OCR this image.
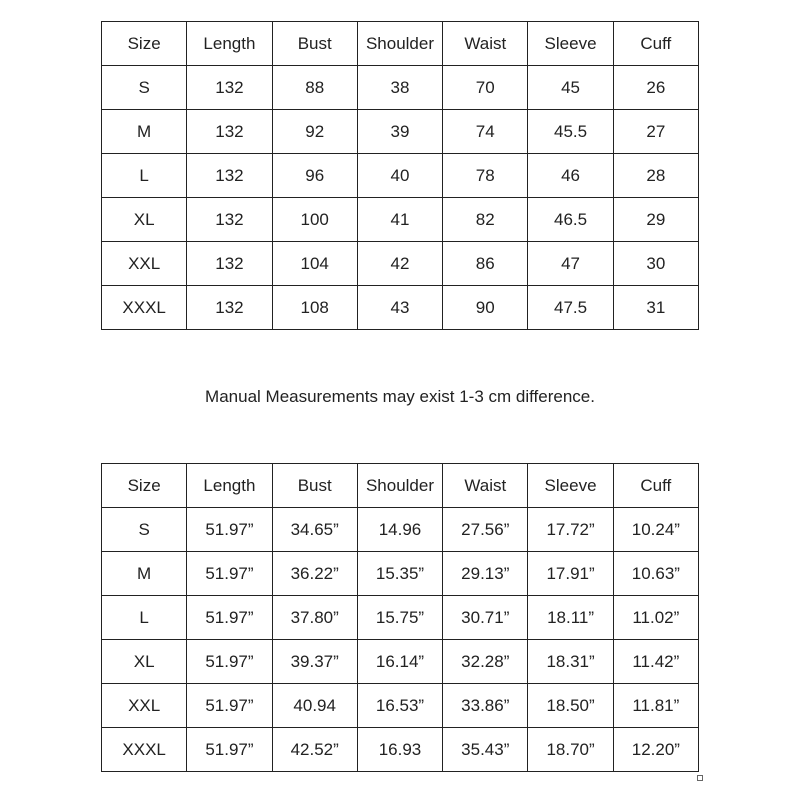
Size	Length	Bust	Shoulder	Waist	Sleeve	Cuff
S	132	88	38	70	45	26
M	132	92	39	74	45.5	27
L	132	96	40	78	46	28
XL	132	100	41	82	46.5	29
XXL	132	104	42	86	47	30
XXXL	132	108	43	90	47.5	31
Manual Measurements may exist 1-3 cm difference.
Size	Length	Bust	Shoulder	Waist	Sleeve	Cuff
S	51.97”	34.65”	14.96	27.56”	17.72”	10.24”
M	51.97”	36.22”	15.35”	29.13”	17.91”	10.63”
L	51.97”	37.80”	15.75”	30.71”	18.11”	11.02”
XL	51.97”	39.37”	16.14”	32.28”	18.31”	11.42”
XXL	51.97”	40.94	16.53”	33.86”	18.50”	11.81”
XXXL	51.97”	42.52”	16.93	35.43”	18.70”	12.20”
